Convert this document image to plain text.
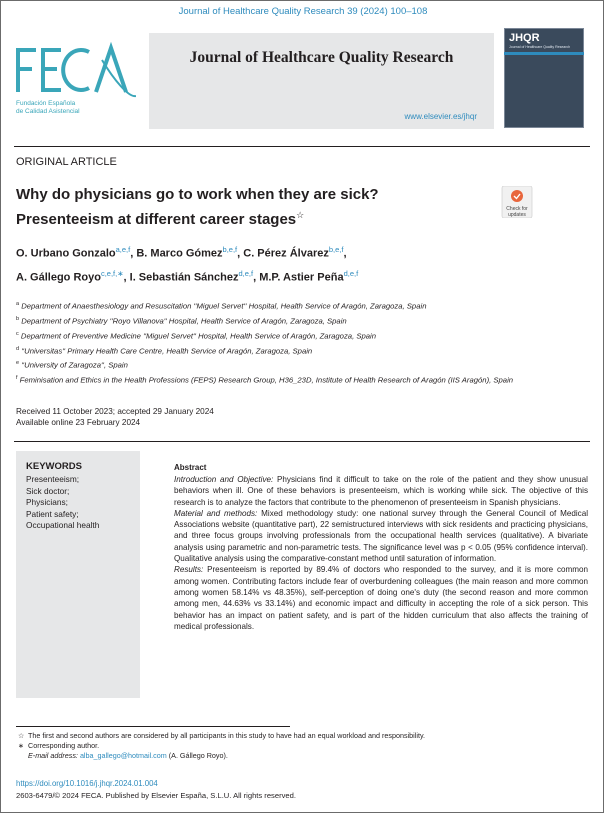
Journal of Healthcare Quality Research 39 (2024) 100–108
Fundación Española
de Calidad Asistencial
Journal of Healthcare Quality Research
www.elsevier.es/jhqr
JHQR
Journal of Healthcare Quality Research
ORIGINAL ARTICLE
Why do physicians go to work when they are sick?
Presenteeism at different career stages☆
Check for updates
O. Urbano Gonzalo$^{a,e,f}$, B. Marco Gómez$^{b,e,f}$, C. Pérez Álvarez$^{b,e,f}$,
A. Gállego Royo$^{c,e,f,∗}$, I. Sebastián Sánchez$^{d,e,f}$, M.P. Astier Peña$^{d,e,f}$
$^a$ Department of Anaesthesiology and Resuscitation ''Miguel Servet'' Hospital, Health Service of Aragón, Zaragoza, Spain
$^b$ Department of Psychiatry ''Royo Villanova'' Hospital, Health Service of Aragón, Zaragoza, Spain
$^c$ Department of Preventive Medicine ''Miguel Servet'' Hospital, Health Service of Aragón, Zaragoza, Spain
$^d$ ''Universitas'' Primary Health Care Centre, Health Service of Aragón, Zaragoza, Spain
$^e$ ''University of Zaragoza'', Spain
$^f$ Feminisation and Ethics in the Health Professions (FEPS) Research Group, H36_23D, Institute of Health Research of Aragón (IIS Aragón), Spain
Received 11 October 2023; accepted 29 January 2024
Available online 23 February 2024
KEYWORDS
Presenteeism;
Sick doctor;
Physicians;
Patient safety;
Occupational health
Abstract

Introduction and Objective: Physicians find it difficult to take on the role of the patient and they show unusual behaviors when ill. One of these behaviors is presenteeism, which is working while sick. The objective of this research is to analyze the factors that contribute to the phenomenon of presenteeism in Spanish physicians.

Material and methods: Mixed methodology study: one national survey through the General Council of Medical Associations website (quantitative part), 22 semistructured interviews with sick residents and practicing physicians, and three focus groups involving professionals from the occupational health services (qualitative). A bivariate analysis using parametric and non-parametric tests. The significance level was p < 0.05 (95% confidence interval). Qualitative analysis using the comparative-constant method until saturation of information.

Results: Presenteeism is reported by 89.4% of doctors who responded to the survey, and it is more common among women. Contributing factors include fear of overburdening colleagues (the main reason and more common among women 58.14% vs 48.35%), self-perception of doing one's duty (the second reason and more common among men, 44.63% vs 33.14%) and economic impact and difficulty in accepting the role of a sick person. This behavior has an impact on patient safety, and is part of the hidden curriculum that also affects the training of medical professionals.

☆ The first and second authors are considered by all participants in this study to have had an equal workload and responsibility.
∗ Corresponding author.
E-mail address: alba_gallego@hotmail.com (A. Gállego Royo).
https://doi.org/10.1016/j.jhqr.2024.01.004
2603-6479/© 2024 FECA. Published by Elsevier España, S.L.U. All rights reserved.
